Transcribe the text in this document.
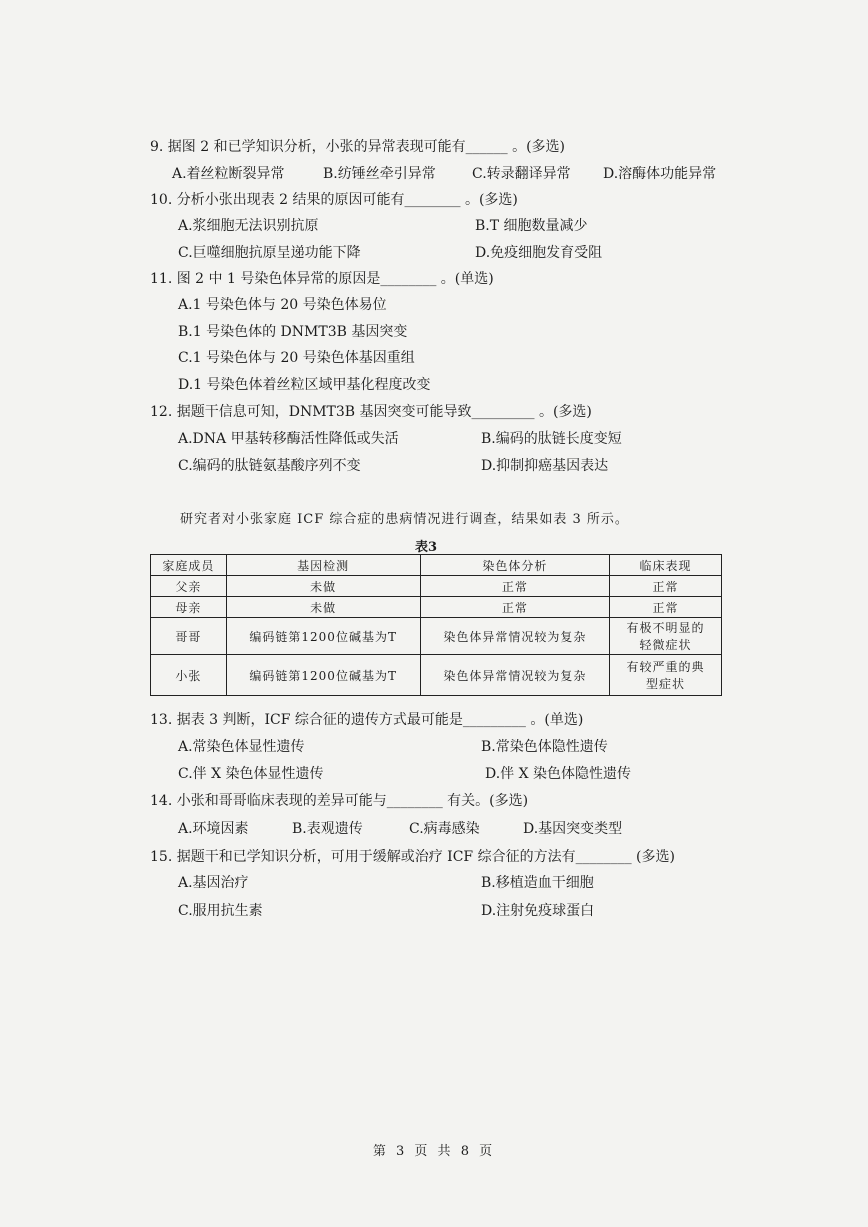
9. 据图 2 和已学知识分析，小张的异常表现可能有______ 。(多选)
A.着丝粒断裂异常	B.纺锤丝牵引异常	C.转录翻译异常 D.溶酶体功能异常
10. 分析小张出现表 2 结果的原因可能有________ 。(多选)
A.浆细胞无法识别抗原	B.T 细胞数量减少
C.巨噬细胞抗原呈递功能下降	D.免疫细胞发育受阻
11. 图 2 中 1 号染色体异常的原因是________ 。(单选)
A.1 号染色体与 20 号染色体易位
B.1 号染色体的 DNMT3B 基因突变
C.1 号染色体与 20 号染色体基因重组
D.1 号染色体着丝粒区域甲基化程度改变
12. 据题干信息可知，DNMT3B 基因突变可能导致_________ 。(多选)
A.DNA 甲基转移酶活性降低或失活	B.编码的肽链长度变短
C.编码的肽链氨基酸序列不变	D.抑制抑癌基因表达
研究者对小张家庭 ICF 综合症的患病情况进行调查，结果如表 3 所示。
表3
家庭成员	基因检测	染色体分析	临床表现
父亲	未做	正常	正常
母亲	未做	正常	正常
哥哥	编码链第1200位碱基为T	染色体异常情况较为复杂	有极不明显的轻微症状
小张	编码链第1200位碱基为T	染色体异常情况较为复杂	有较严重的典型症状
13. 据表 3 判断，ICF 综合征的遗传方式最可能是_________ 。(单选)
A.常染色体显性遗传	B.常染色体隐性遗传
C.伴 X 染色体显性遗传	D.伴 X 染色体隐性遗传
14. 小张和哥哥临床表现的差异可能与________ 有关。(多选)
A.环境因素	B.表观遗传	C.病毒感染	D.基因突变类型
15. 据题干和已学知识分析，可用于缓解或治疗 ICF 综合征的方法有________ (多选)
A.基因治疗	B.移植造血干细胞
C.服用抗生素	D.注射免疫球蛋白
第 3 页 共 8 页
